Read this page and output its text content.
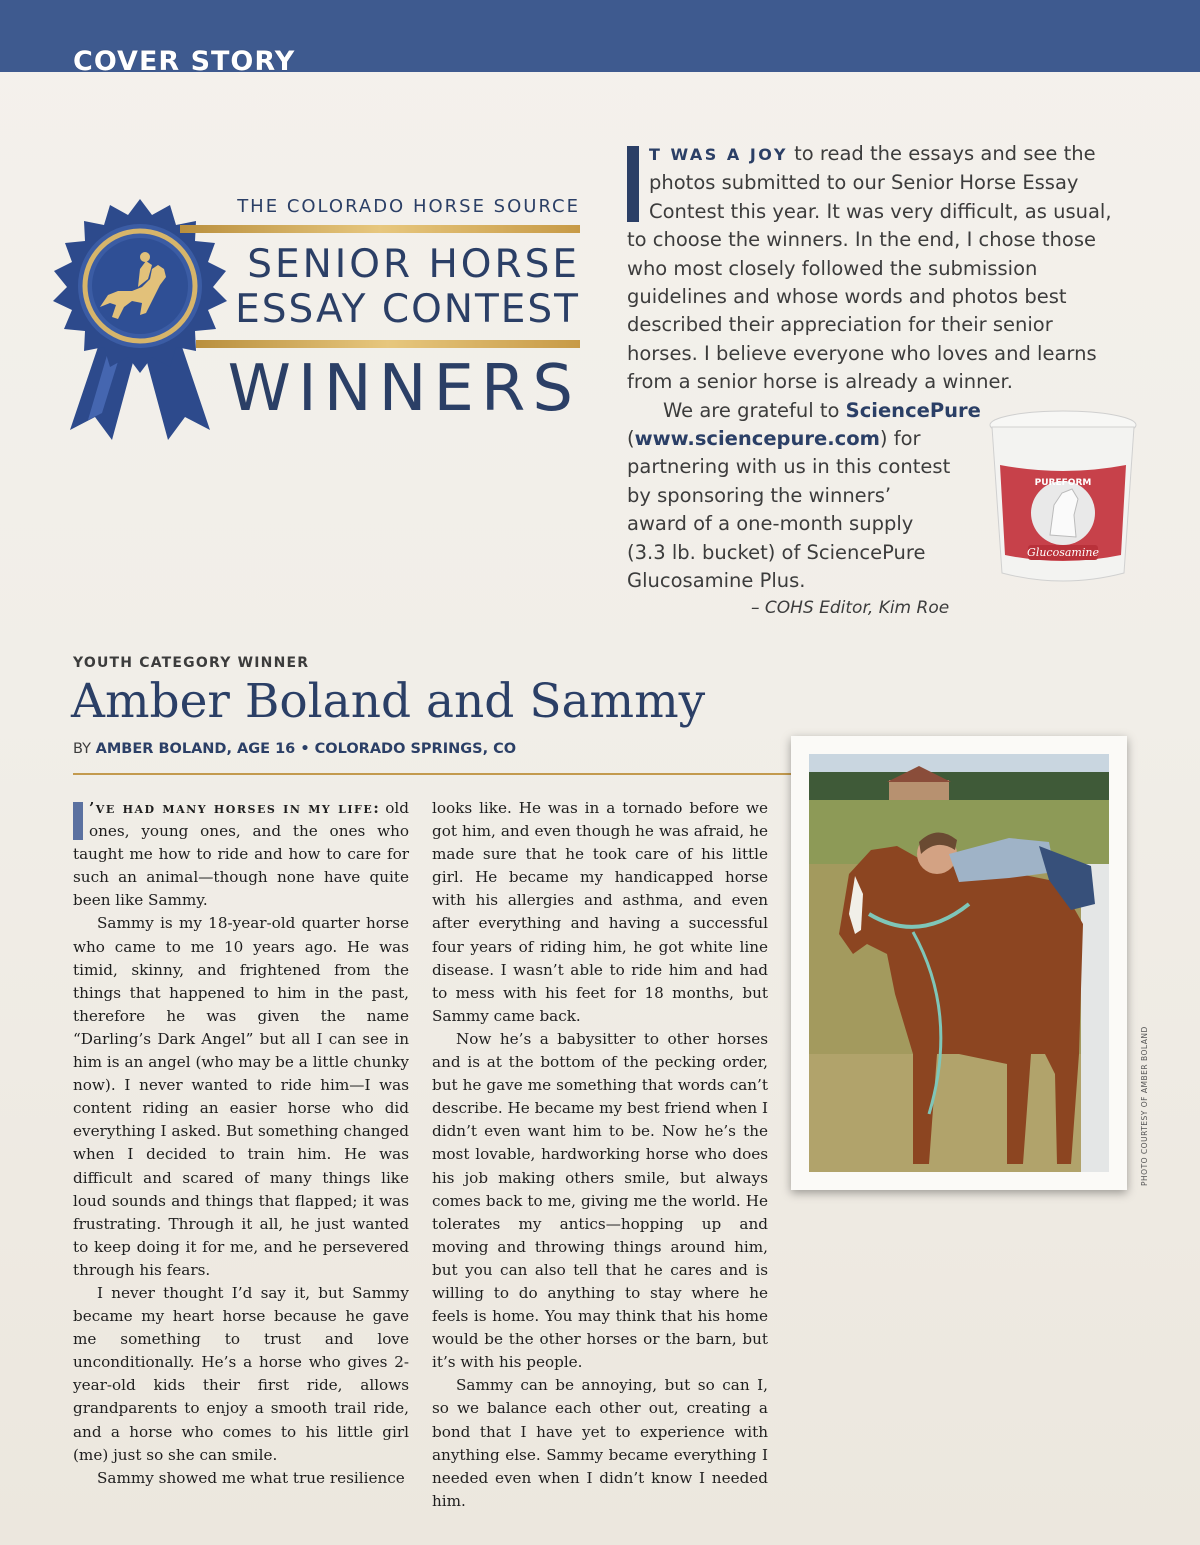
COVER STORY
THE COLORADO HORSE SOURCE
SENIOR HORSE
ESSAY CONTEST
WINNERS

T WAS A JOY to read the essays and see the photos submitted to our Senior Horse Essay Contest this year. It was very difficult, as usual, to choose the winners. In the end, I chose those who most closely followed the submission guidelines and whose words and photos best described their appreciation for their senior horses. I believe everyone who loves and learns from a senior horse is already a winner.

We are grateful to SciencePure

(www.sciencepure.com) for

partnering with us in this contest

by sponsoring the winners’

award of a one-month supply

(3.3 lb. bucket) of SciencePure

Glucosamine Plus.

– COHS Editor, Kim Roe
Glucosamine
PUREFORM
YOUTH CATEGORY WINNER
Amber Boland and Sammy
BY AMBER BOLAND, AGE 16 • COLORADO SPRINGS, CO

’ve had many horses in my life: old ones, young ones, and the ones who taught me how to ride and how to care for such an animal—though none have quite been like Sammy.

Sammy is my 18-year-old quarter horse who came to me 10 years ago. He was timid, skinny, and frightened from the things that happened to him in the past, therefore he was given the name “Darling’s Dark Angel” but all I can see in him is an angel (who may be a little chunky now). I never wanted to ride him—I was content riding an easier horse who did everything I asked. But something changed when I decided to train him. He was difficult and scared of many things like loud sounds and things that flapped; it was frustrating. Through it all, he just wanted to keep doing it for me, and he persevered through his fears.

I never thought I’d say it, but Sammy became my heart horse because he gave me something to trust and love unconditionally. He’s a horse who gives 2-year-old kids their first ride, allows grandparents to enjoy a smooth trail ride, and a horse who comes to his little girl (me) just so she can smile.

Sammy showed me what true resilience

looks like. He was in a tornado before we got him, and even though he was afraid, he made sure that he took care of his little girl. He became my handicapped horse with his allergies and asthma, and even after everything and having a successful four years of riding him, he got white line disease. I wasn’t able to ride him and had to mess with his feet for 18 months, but Sammy came back.

Now he’s a babysitter to other horses and is at the bottom of the pecking order, but he gave me something that words can’t describe. He became my best friend when I didn’t even want him to be. Now he’s the most lovable, hardworking horse who does his job making others smile, but always comes back to me, giving me the world. He tolerates my antics—hopping up and moving and throwing things around him, but you can also tell that he cares and is willing to do anything to stay where he feels is home. You may think that his home would be the other horses or the barn, but it’s with his people.

Sammy can be annoying, but so can I, so we balance each other out, creating a bond that I have yet to experience with anything else. Sammy became everything I needed even when I didn’t know I needed him.

PHOTO COURTESY OF AMBER BOLAND
